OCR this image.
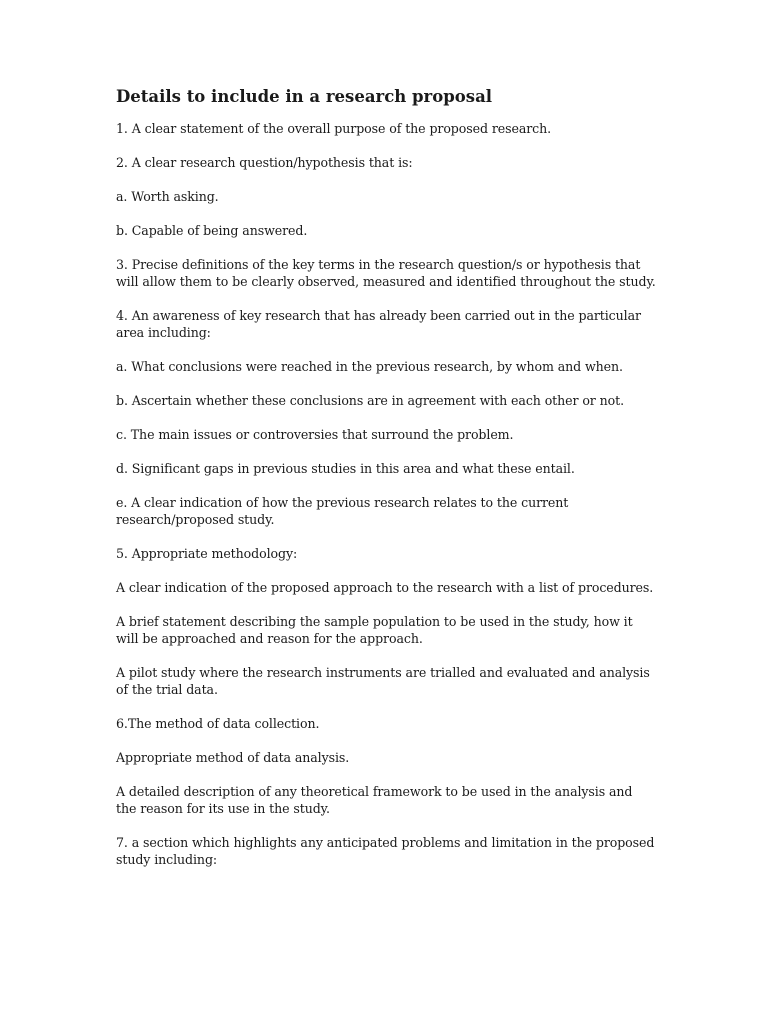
Details to include in a research proposal

1. A clear statement of the overall purpose of the proposed research.

2. A clear research question/hypothesis that is:

a. Worth asking.

b. Capable of being answered.

3. Precise definitions of the key terms in the research question/s or hypothesis that will allow them to be clearly observed, measured and identified throughout the study.

4. An awareness of key research that has already been carried out in the particular area including:

a. What conclusions were reached in the previous research, by whom and when.

b. Ascertain whether these conclusions are in agreement with each other or not.

c. The main issues or controversies that surround the problem.

d. Significant gaps in previous studies in this area and what these entail.

e. A clear indication of how the previous research relates to the current research/proposed study.

5. Appropriate methodology:

A clear indication of the proposed approach to the research with a list of procedures.

A brief statement describing the sample population to be used in the study, how it will be approached and reason for the approach.

A pilot study where the research instruments are trialled and evaluated and analysis of the trial data.

6.The method of data collection.

Appropriate method of data analysis.

A detailed description of any theoretical framework to be used in the analysis and the reason for its use in the study.

7. a section which highlights any anticipated problems and limitation in the proposed study including:
